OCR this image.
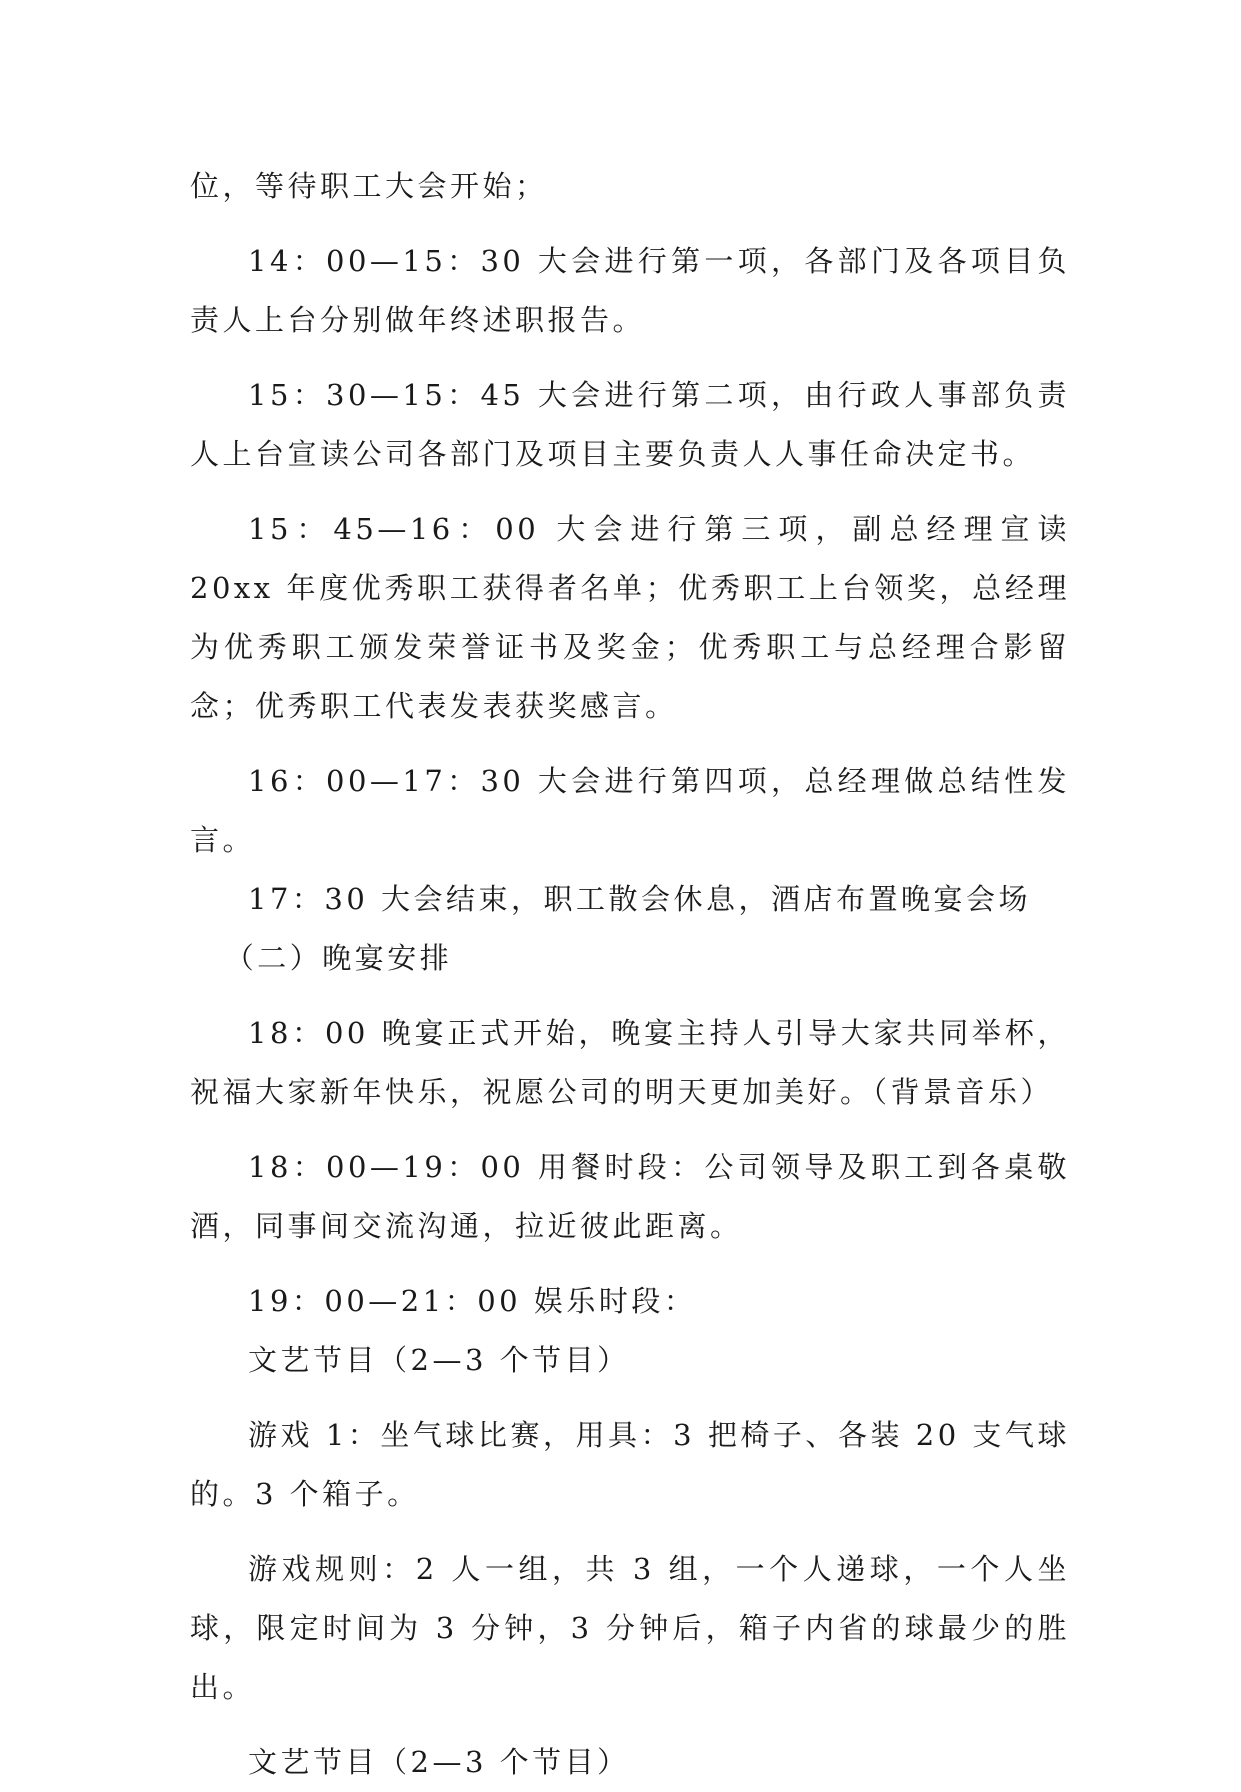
位，等待职工大会开始；

14：00—15：30 大会进行第一项，各部门及各项目负责人上台分别做年终述职报告。

15：30—15：45 大会进行第二项，由行政人事部负责人上台宣读公司各部门及项目主要负责人人事任命决定书。

15：45—16：00 大会进行第三项，副总经理宣读 20xx 年度优秀职工获得者名单；优秀职工上台领奖，总经理为优秀职工颁发荣誉证书及奖金；优秀职工与总经理合影留念；优秀职工代表发表获奖感言。

16：00—17：30 大会进行第四项，总经理做总结性发言。

17：30 大会结束，职工散会休息，酒店布置晚宴会场

（二）晚宴安排

18：00 晚宴正式开始，晚宴主持人引导大家共同举杯，祝福大家新年快乐，祝愿公司的明天更加美好。（背景音乐）

18：00—19：00 用餐时段：公司领导及职工到各桌敬酒，同事间交流沟通，拉近彼此距离。

19：00—21：00 娱乐时段：

文艺节目（2—3 个节目）

游戏 1：坐气球比赛，用具：3 把椅子、各装 20 支气球的。3 个箱子。

游戏规则：2 人一组，共 3 组，一个人递球，一个人坐球，限定时间为 3 分钟，3 分钟后，箱子内省的球最少的胜出。

文艺节目（2—3 个节目）
